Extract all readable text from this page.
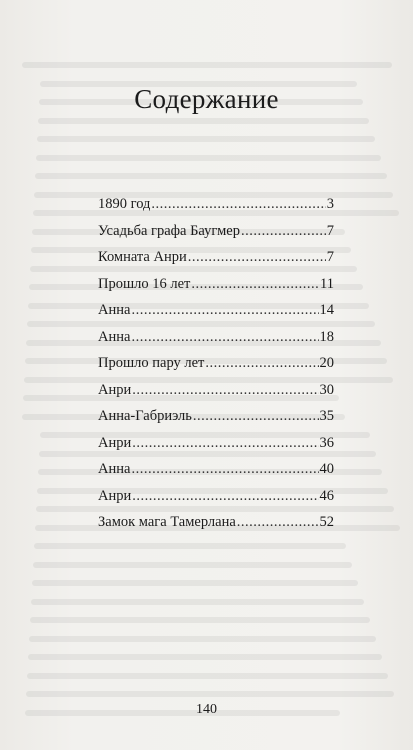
Содержание
1890 год .....	3
Усадьба графа Баугмер .....	7
Комната Анри .....	7
Прошло 16 лет .....	11
Анна .....	14
Анна .....	18
Прошло пару лет .....	20
Анри .....	30
Анна-Габриэль .....	35
Анри .....	36
Анна .....	40
Анри .....	46
Замок мага Тамерлана .....	52
140
